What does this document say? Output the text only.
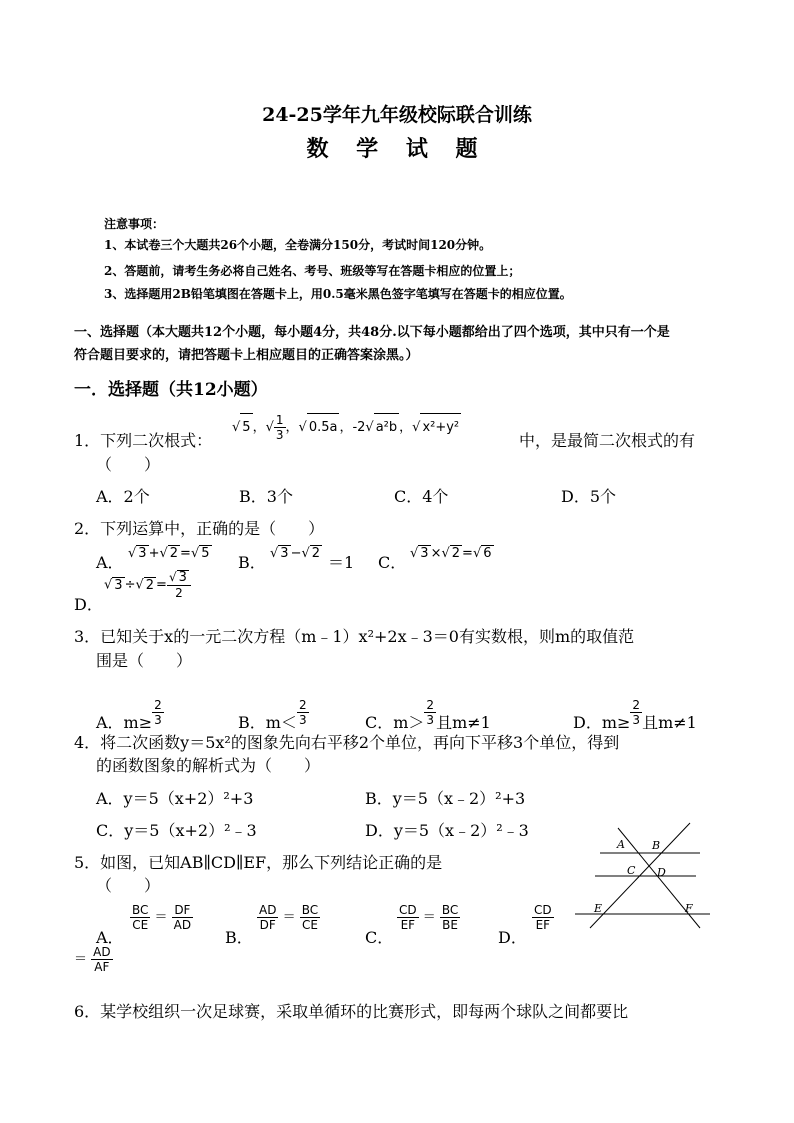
24-25学年九年级校际联合训练
数 学 试 题
注意事项：
1、本试卷三个大题共26个小题，全卷满分150分，考试时间120分钟。
2、答题前，请考生务必将自己姓名、考号、班级等写在答题卡相应的位置上；
3、选择题用2B铅笔填图在答题卡上，用0.5毫米黑色签字笔填写在答题卡的相应位置。
一、选择题（本大题共12个小题，每小题4分，共48分.以下每小题都给出了四个选项，其中只有一个是
符合题目要求的，请把答题卡上相应题目的正确答案涂黑。）
一．选择题（共12小题）
1．下列二次根式：
√ 5 ，√ $\frac{1}{3}$ ，√ 0.5a ，-2√ a²b ，√ x²+y²
中，是最简二次根式的有
（　　）
A．2个	B．3个	C．4个	D．5个
2．下列运算中，正确的是（　　）
A． √ 3 +√ 2 =√ 5 B． √ 3 −√ 2 ＝1 C． √ 3 ×√ 2 =√ 6
√ 3 ÷√ $2 = \frac{√ 3}{2}$
D．
3．已知关于x的一元二次方程（m﹣1）x²+2x﹣3＝0有实数根，则m的取值范
围是（　　）
A．$m\ge \frac{2}{3}$	B．$m< \frac{2}{3}$	C．$m> \frac{2}{3}$ 且m≠1	D．$m\ge \frac{2}{3}$ 且m≠1
4．将二次函数y＝5x²的图象先向右平移2个单位，再向下平移3个单位，得到
的函数图象的解析式为（　　）
A．y＝5（x+2）²+3	B．y＝5（x﹣2）²+3
C．y＝5（x+2）²﹣3	D．y＝5（x﹣2）²﹣3
5．如图，已知AB∥CD∥EF，那么下列结论正确的是
（　　）
A B
C D
E	F
A．
$\frac{BC}{CE} = \frac{DF}{AD}$
B．
$\frac{AD}{DF} = \frac{BC}{CE}$
C．
$\frac{CD}{EF} = \frac{BC}{BE}$
D．
$\frac{CD}{EF}$
＝ $\frac{AD}{AF}$
6．某学校组织一次足球赛，采取单循环的比赛形式，即每两个球队之间都要比
